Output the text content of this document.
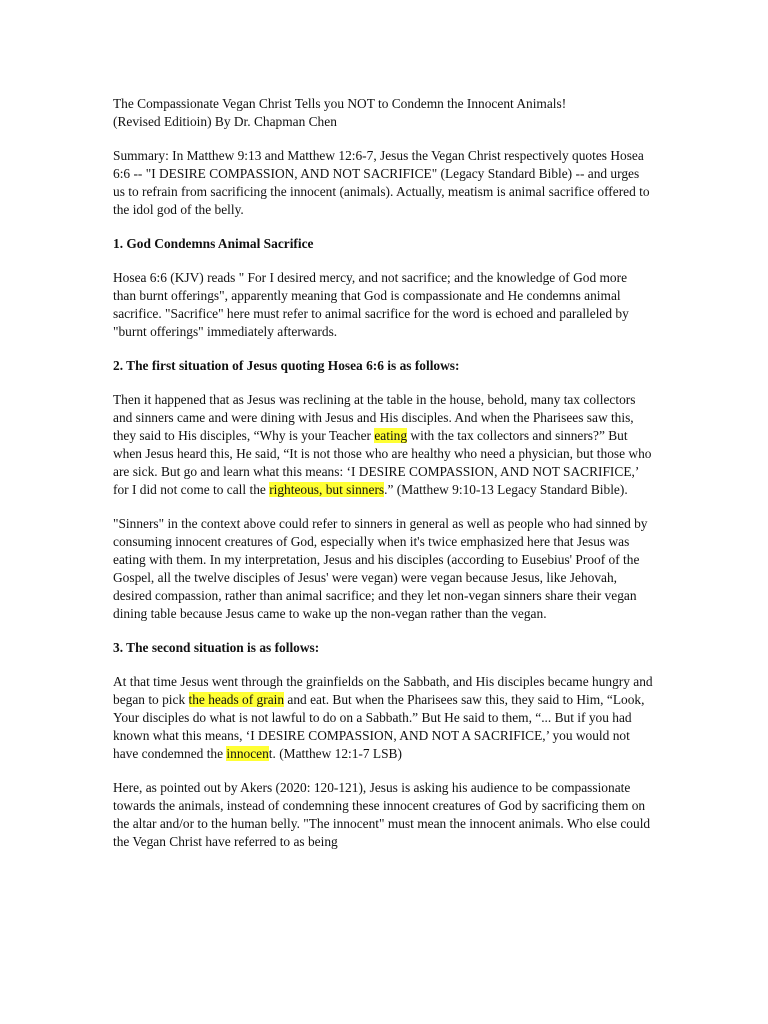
The Compassionate Vegan Christ Tells you NOT to Condemn the Innocent Animals!
(Revised Editioin) By Dr. Chapman Chen

Summary: In Matthew 9:13 and Matthew 12:6-7, Jesus the Vegan Christ respectively quotes Hosea 6:6 -- "I DESIRE COMPASSION, AND NOT SACRIFICE" (Legacy Standard Bible) -- and urges us to refrain from sacrificing the innocent (animals). Actually, meatism is animal sacrifice offered to the idol god of the belly.

1. God Condemns Animal Sacrifice

Hosea 6:6 (KJV) reads " For I desired mercy, and not sacrifice; and the knowledge of God more than burnt offerings", apparently meaning that God is compassionate and He condemns animal sacrifice. "Sacrifice" here must refer to animal sacrifice for the word is echoed and paralleled by "burnt offerings" immediately afterwards.

2. The first situation of Jesus quoting Hosea 6:6 is as follows:

Then it happened that as Jesus was reclining at the table in the house, behold, many tax collectors and sinners came and were dining with Jesus and His disciples. And when the Pharisees saw this, they said to His disciples, “Why is your Teacher eating with the tax collectors and sinners?” But when Jesus heard this, He said, “It is not those who are healthy who need a physician, but those who are sick. But go and learn what this means: ‘I DESIRE COMPASSION, AND NOT SACRIFICE,’ for I did not come to call the righteous, but sinners.” (Matthew 9:10-13 Legacy Standard Bible).

"Sinners" in the context above could refer to sinners in general as well as people who had sinned by consuming innocent creatures of God, especially when it's twice emphasized here that Jesus was eating with them. In my interpretation, Jesus and his disciples (according to Eusebius' Proof of the Gospel, all the twelve disciples of Jesus' were vegan) were vegan because Jesus, like Jehovah, desired compassion, rather than animal sacrifice; and they let non-vegan sinners share their vegan dining table because Jesus came to wake up the non-vegan rather than the vegan.

3. The second situation is as follows:

At that time Jesus went through the grainfields on the Sabbath, and His disciples became hungry and began to pick the heads of grain and eat. But when the Pharisees saw this, they said to Him, “Look, Your disciples do what is not lawful to do on a Sabbath.” But He said to them, “... But if you had known what this means, ‘I DESIRE COMPASSION, AND NOT A SACRIFICE,’ you would not have condemned the innocent. (Matthew 12:1-7 LSB)

Here, as pointed out by Akers (2020: 120-121), Jesus is asking his audience to be compassionate towards the animals, instead of condemning these innocent creatures of God by sacrificing them on the altar and/or to the human belly. "The innocent" must mean the innocent animals. Who else could the Vegan Christ have referred to as being
